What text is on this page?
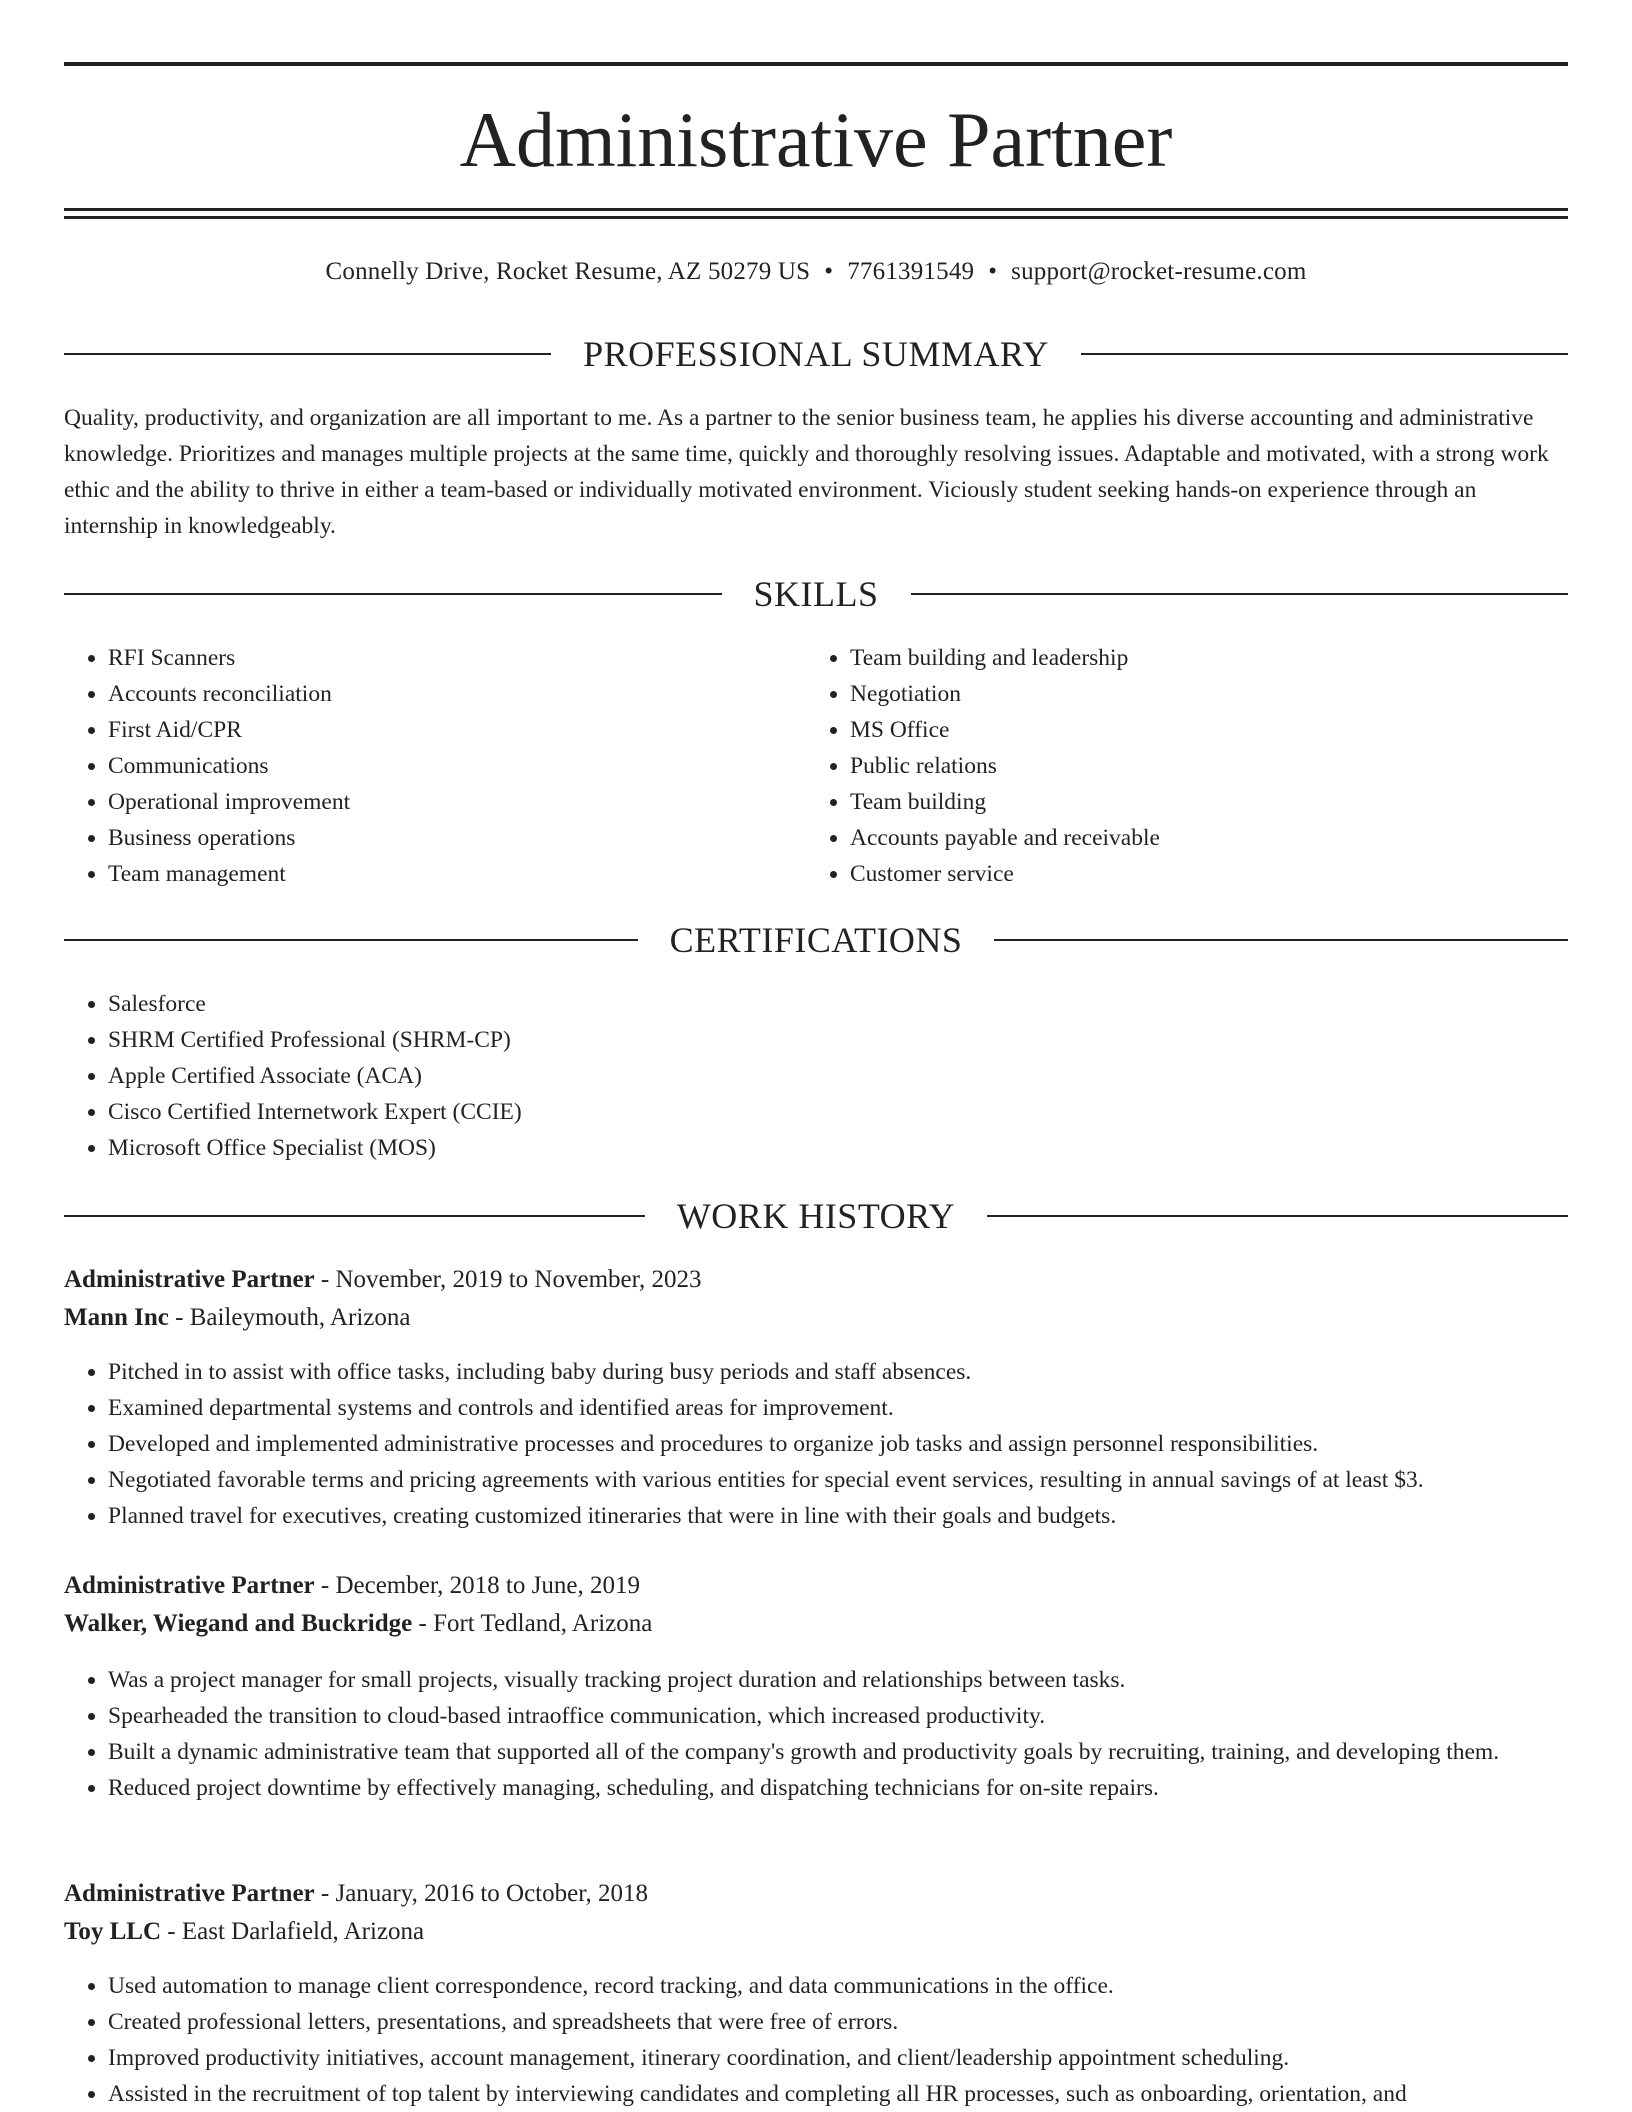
Administrative Partner
Connelly Drive, Rocket Resume, AZ 50279 US • 7761391549 • support@rocket-resume.com
PROFESSIONAL SUMMARY

Quality, productivity, and organization are all important to me. As a partner to the senior business team, he applies his diverse accounting and administrative knowledge. Prioritizes and manages multiple projects at the same time, quickly and thoroughly resolving issues. Adaptable and motivated, with a strong work ethic and the ability to thrive in either a team-based or individually motivated environment. Viciously student seeking hands-on experience through an internship in knowledgeably.

SKILLS
• RFI Scanners
• Accounts reconciliation
• First Aid/CPR
• Communications
• Operational improvement
• Business operations
• Team management
• Team building and leadership
• Negotiation
• MS Office
• Public relations
• Team building
• Accounts payable and receivable
• Customer service
CERTIFICATIONS
• Salesforce
• SHRM Certified Professional (SHRM-CP)
• Apple Certified Associate (ACA)
• Cisco Certified Internetwork Expert (CCIE)
• Microsoft Office Specialist (MOS)
WORK HISTORY

Administrative Partner - November, 2019 to November, 2023

Mann Inc - Baileymouth, Arizona

• Pitched in to assist with office tasks, including baby during busy periods and staff absences.
• Examined departmental systems and controls and identified areas for improvement.
• Developed and implemented administrative processes and procedures to organize job tasks and assign personnel responsibilities.
• Negotiated favorable terms and pricing agreements with various entities for special event services, resulting in annual savings of at least $3.
• Planned travel for executives, creating customized itineraries that were in line with their goals and budgets.

Administrative Partner - December, 2018 to June, 2019

Walker, Wiegand and Buckridge - Fort Tedland, Arizona

• Was a project manager for small projects, visually tracking project duration and relationships between tasks.
• Spearheaded the transition to cloud-based intraoffice communication, which increased productivity.
• Built a dynamic administrative team that supported all of the company's growth and productivity goals by recruiting, training, and developing them.
• Reduced project downtime by effectively managing, scheduling, and dispatching technicians for on-site repairs.

Administrative Partner - January, 2016 to October, 2018

Toy LLC - East Darlafield, Arizona

• Used automation to manage client correspondence, record tracking, and data communications in the office.
• Created professional letters, presentations, and spreadsheets that were free of errors.
• Improved productivity initiatives, account management, itinerary coordination, and client/leadership appointment scheduling.
• Assisted in the recruitment of top talent by interviewing candidates and completing all HR processes, such as onboarding, orientation, and
